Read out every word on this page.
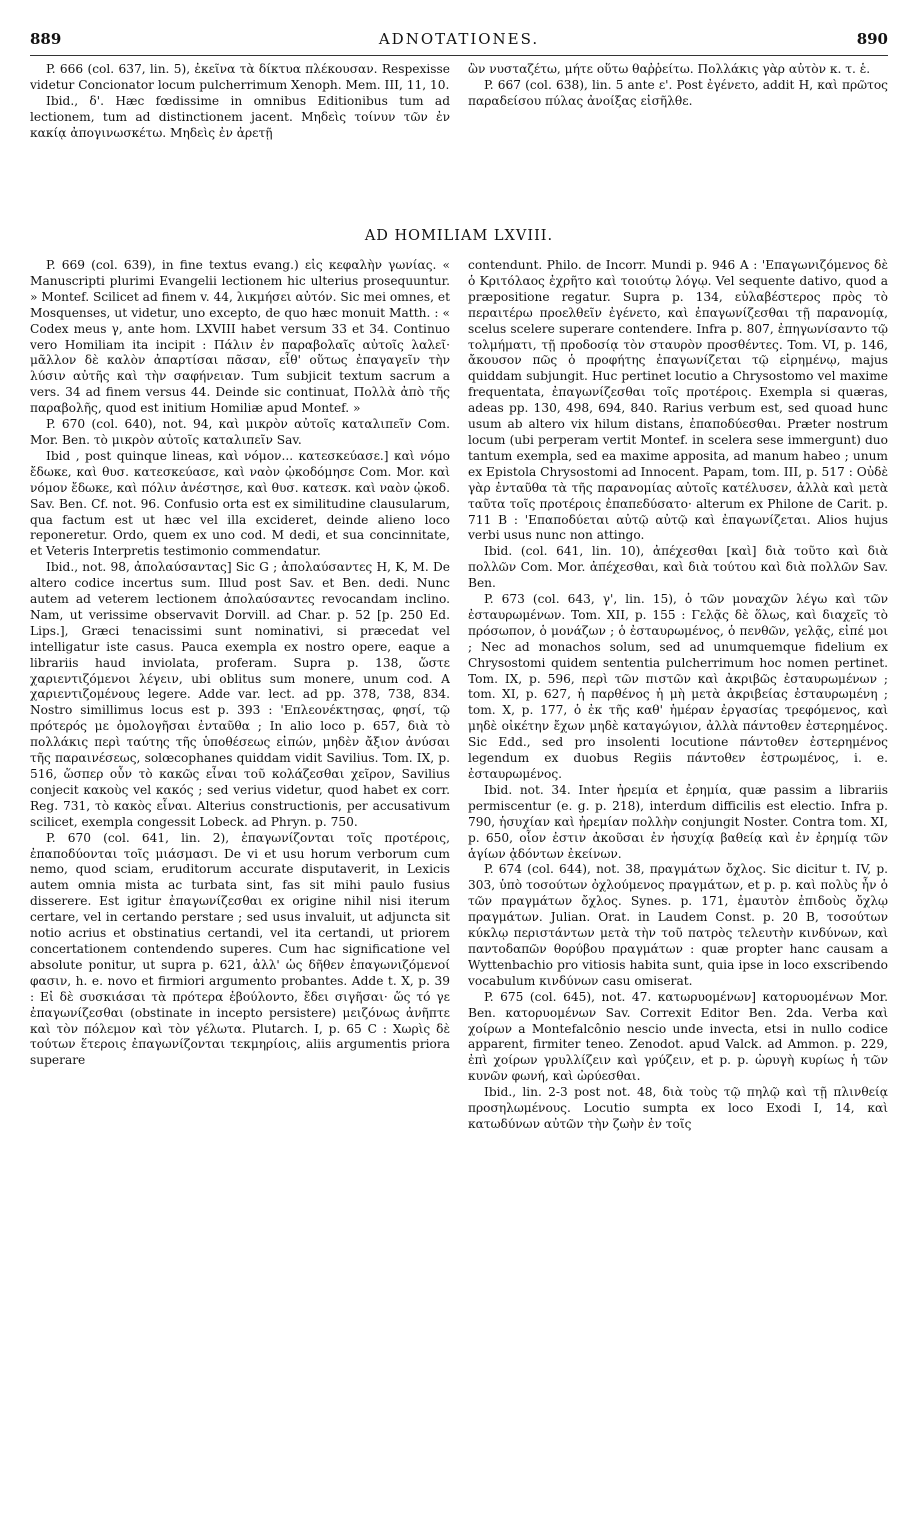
889	ADNOTATIONES.	890

P. 666 (col. 637, lin. 5), ἐκεῖνα τὰ δίκτυα πλέκουσαν. Respexisse videtur Concionator locum pulcherrimum Xenoph. Mem. III, 11, 10.

Ibid., δ'. Hæc fœdissime in omnibus Editionibus tum ad lectionem, tum ad distinctionem jacent. Μηδεὶς τοίνυν τῶν ἐν κακίᾳ ἀπογινωσκέτω. Μηδεὶς ἐν ἀρετῇ

ὢν νυσταζέτω, μήτε οὕτω θαῤῥείτω. Πολλάκις γὰρ αὐτὸν κ. τ. ἑ.

P. 667 (col. 638), lin. 5 ante ε'. Post ἐγένετο, addit H, καὶ πρῶτος παραδείσου πύλας ἀνοίξας εἰσῆλθε.

AD HOMILIAM LXVIII.

P. 669 (col. 639), in fine textus evang.) εἰς κεφαλὴν γωνίας. « Manuscripti plurimi Evangelii lectionem hic ulterius prosequuntur. » Montef. Scilicet ad finem v. 44, λικμήσει αὐτόν. Sic mei omnes, et Mosquenses, ut videtur, uno excepto, de quo hæc monuit Matth. : « Codex meus γ, ante hom. LXVIII habet versum 33 et 34. Continuo vero Homiliam ita incipit : Πάλιν ἐν παραβολαῖς αὐτοῖς λαλεῖ· μᾶλλον δὲ καλὸν ἀπαρτίσαι πᾶσαν, εἶθ' οὕτως ἐπαγαγεῖν τὴν λύσιν αὐτῆς καὶ τὴν σαφήνειαν. Tum subjicit textum sacrum a vers. 34 ad finem versus 44. Deinde sic continuat, Πολλὰ ἀπὸ τῆς παραβολῆς, quod est initium Homiliæ apud Montef. »

P. 670 (col. 640), not. 94, καὶ μικρὸν αὐτοῖς καταλιπεῖν Com. Mor. Ben. τὸ μικρὸν αὐτοῖς καταλιπεῖν Sav.

Ibid , post quinque lineas, καὶ νόμον... κατεσκεύασε.] καὶ νόμο ἔδωκε, καὶ θυσ. κατεσκεύασε, καὶ ναὸν ᾠκοδόμησε Com. Mor. καὶ νόμον ἔδωκε, καὶ πόλιν ἀνέστησε, καὶ θυσ. κατεσκ. καὶ ναὸν ᾠκοδ. Sav. Ben. Cf. not. 96. Confusio orta est ex similitudine clausularum, qua factum est ut hæc vel illa excideret, deinde alieno loco reponeretur. Ordo, quem ex uno cod. M dedi, et sua concinnitate, et Veteris Interpretis testimonio commendatur.

Ibid., not. 98, ἀπολαύσαντας] Sic G ; ἀπολαύσαντες H, K, M. De altero codice incertus sum. Illud post Sav. et Ben. dedi. Nunc autem ad veterem lectionem ἀπολαύσαντες revocandam inclino. Nam, ut verissime observavit Dorvill. ad Char. p. 52 [p. 250 Ed. Lips.], Græci tenacissimi sunt nominativi, si præcedat vel intelligatur iste casus. Pauca exempla ex nostro opere, eaque a librariis haud inviolata, proferam. Supra p. 138, ὥστε χαριεντιζόμενοι λέγειν, ubi oblitus sum monere, unum cod. A χαριεντιζομένους legere. Adde var. lect. ad pp. 378, 738, 834. Nostro simillimus locus est p. 393 : 'Επλεονέκτησας, φησί, τῷ πρότερός με ὁμολογῆσαι ἐνταῦθα ; In alio loco p. 657, διὰ τὸ πολλάκις περὶ ταύτης τῆς ὑποθέσεως εἰπών, μηδὲν ἄξιον ἀνύσαι τῆς παραινέσεως, solœcophanes quiddam vidit Savilius. Tom. IX, p. 516, ὥσπερ οὖν τὸ κακῶς εἶναι τοῦ κολάζεσθαι χεῖρον, Savilius conjecit κακοὺς vel κακός ; sed verius videtur, quod habet ex corr. Reg. 731, τὸ κακὸς εἶναι. Alterius constructionis, per accusativum scilicet, exempla congessit Lobeck. ad Phryn. p. 750.

P. 670 (col. 641, lin. 2), ἐπαγωνίζονται τοῖς προτέροις, ἐπαποδύονται τοῖς μιάσμασι. De vi et usu horum verborum cum nemo, quod sciam, eruditorum accurate disputaverit, in Lexicis autem omnia mista ac turbata sint, fas sit mihi paulo fusius disserere. Est igitur ἐπαγωνίζεσθαι ex origine nihil nisi iterum certare, vel in certando perstare ; sed usus invaluit, ut adjuncta sit notio acrius et obstinatius certandi, vel ita certandi, ut priorem concertationem contendendo superes. Cum hac significatione vel absolute ponitur, ut supra p. 621, ἀλλ' ὡς δῆθεν ἐπαγωνιζόμενοί φασιν, h. e. novo et firmiori argumento probantes. Adde t. X, p. 39 : Εἰ δὲ συσκιάσαι τὰ πρότερα ἐβούλοντο, ἔδει σιγῆσαι· ὥς τό γε ἐπαγωνίζεσθαι (obstinate in incepto persistere) μειζόνως ἀνῆπτε καὶ τὸν πόλεμον καὶ τὸν γέλωτα. Plutarch. I, p. 65 C : Χωρὶς δὲ τούτων ἕτεροις ἐπαγωνίζονται τεκμηρίοις, aliis argumentis priora superare

contendunt. Philo. de Incorr. Mundi p. 946 A : 'Επαγωνιζόμενος δὲ ὁ Κριτόλαος ἐχρῆτο καὶ τοιούτῳ λόγῳ. Vel sequente dativo, quod a præpositione regatur. Supra p. 134, εὐλαβέστερος πρὸς τὸ περαιτέρω προελθεῖν ἐγένετο, καὶ ἐπαγωνίζεσθαι τῇ παρανομίᾳ, scelus scelere superare contendere. Infra p. 807, ἐπηγωνίσαντο τῷ τολμήματι, τῇ προδοσίᾳ τὸν σταυρὸν προσθέντες. Tom. VI, p. 146, ἄκουσον πῶς ὁ προφήτης ἐπαγωνίζεται τῷ εἰρημένῳ, majus quiddam subjungit. Huc pertinet locutio a Chrysostomo vel maxime frequentata, ἐπαγωνίζεσθαι τοῖς προτέροις. Exempla si quæras, adeas pp. 130, 498, 694, 840. Rarius verbum est, sed quoad hunc usum ab altero vix hilum distans, ἐπαποδύεσθαι. Præter nostrum locum (ubi perperam vertit Montef. in scelera sese immergunt) duo tantum exempla, sed ea maxime apposita, ad manum habeo ; unum ex Epistola Chrysostomi ad Innocent. Papam, tom. III, p. 517 : Οὐδὲ γὰρ ἐνταῦθα τὰ τῆς παρανομίας αὐτοῖς κατέλυσεν, ἀλλὰ καὶ μετὰ ταῦτα τοῖς προτέροις ἐπαπεδύσατο· alterum ex Philone de Carit. p. 711 B : 'Επαποδύεται αὐτῷ αὐτῷ καὶ ἐπαγωνίζεται. Alios hujus verbi usus nunc non attingo.

Ibid. (col. 641, lin. 10), ἀπέχεσθαι [καὶ] διὰ τοῦτο καὶ διὰ πολλῶν Com. Mor. ἀπέχεσθαι, καὶ διὰ τούτου καὶ διὰ πολλῶν Sav. Ben.

P. 673 (col. 643, γ', lin. 15), ὁ τῶν μοναχῶν λέγω καὶ τῶν ἐσταυρωμένων. Tom. XII, p. 155 : Γελᾷς δὲ ὅλως, καὶ διαχεῖς τὸ πρόσωπον, ὁ μονάζων ; ὁ ἐσταυρωμένος, ὁ πενθῶν, γελᾷς, εἰπέ μοι ; Nec ad monachos solum, sed ad unumquemque fidelium ex Chrysostomi quidem sententia pulcherrimum hoc nomen pertinet. Tom. IX, p. 596, περὶ τῶν πιστῶν καὶ ἀκριβῶς ἐσταυρωμένων ; tom. XI, p. 627, ἡ παρθένος ἡ μὴ μετὰ ἀκριβείας ἐσταυρωμένη ; tom. X, p. 177, ὁ ἐκ τῆς καθ' ἡμέραν ἐργασίας τρεφόμενος, καὶ μηδὲ οἰκέτην ἔχων μηδὲ καταγώγιον, ἀλλὰ πάντοθεν ἐστερημένος. Sic Edd., sed pro insolenti locutione πάντοθεν ἐστερημένος legendum ex duobus Regiis πάντοθεν ἐστρωμένος, i. e. ἐσταυρωμένος.

Ibid. not. 34. Inter ἠρεμία et ἐρημία, quæ passim a librariis permiscentur (e. g. p. 218), interdum difficilis est electio. Infra p. 790, ἡσυχίαν καὶ ἠρεμίαν πολλὴν conjungit Noster. Contra tom. XI, p. 650, οἷον ἐστιν ἀκοῦσαι ἐν ἡσυχίᾳ βαθείᾳ καὶ ἐν ἐρημίᾳ τῶν ἁγίων ᾀδόντων ἐκείνων.

P. 674 (col. 644), not. 38, πραγμάτων ὄχλος. Sic dicitur t. IV, p. 303, ὑπὸ τοσούτων ὀχλούμενος πραγμάτων, et p. p. καὶ πολὺς ἦν ὁ τῶν πραγμάτων ὄχλος. Synes. p. 171, ἐμαυτὸν ἐπιδοὺς ὄχλῳ πραγμάτων. Julian. Orat. in Laudem Const. p. 20 B, τοσούτων κύκλῳ περιστάντων μετὰ τὴν τοῦ πατρὸς τελευτὴν κινδύνων, καὶ παντοδαπῶν θορύβου πραγμάτων : quæ propter hanc causam a Wyttenbachio pro vitiosis habita sunt, quia ipse in loco exscribendo vocabulum κινδύνων casu omiserat.

P. 675 (col. 645), not. 47. κατωρυομένων] κατορυομένων Mor. Ben. κατορυομένων Sav. Correxit Editor Ben. 2da. Verba καὶ χοίρων a Montefalcônio nescio unde invecta, etsi in nullo codice apparent, firmiter teneo. Zenodot. apud Valck. ad Ammon. p. 229, ἐπὶ χοίρων γρυλλίζειν καὶ γρύζειν, et p. p. ὠρυγὴ κυρίως ἡ τῶν κυνῶν φωνή, καὶ ὠρύεσθαι.

Ibid., lin. 2-3 post not. 48, διὰ τοὺς τῷ πηλῷ καὶ τῇ πλινθείᾳ προσηλωμένους. Locutio sumpta ex loco Exodi I, 14, καὶ κατωδύνων αὐτῶν τὴν ζωὴν ἐν τοῖς
